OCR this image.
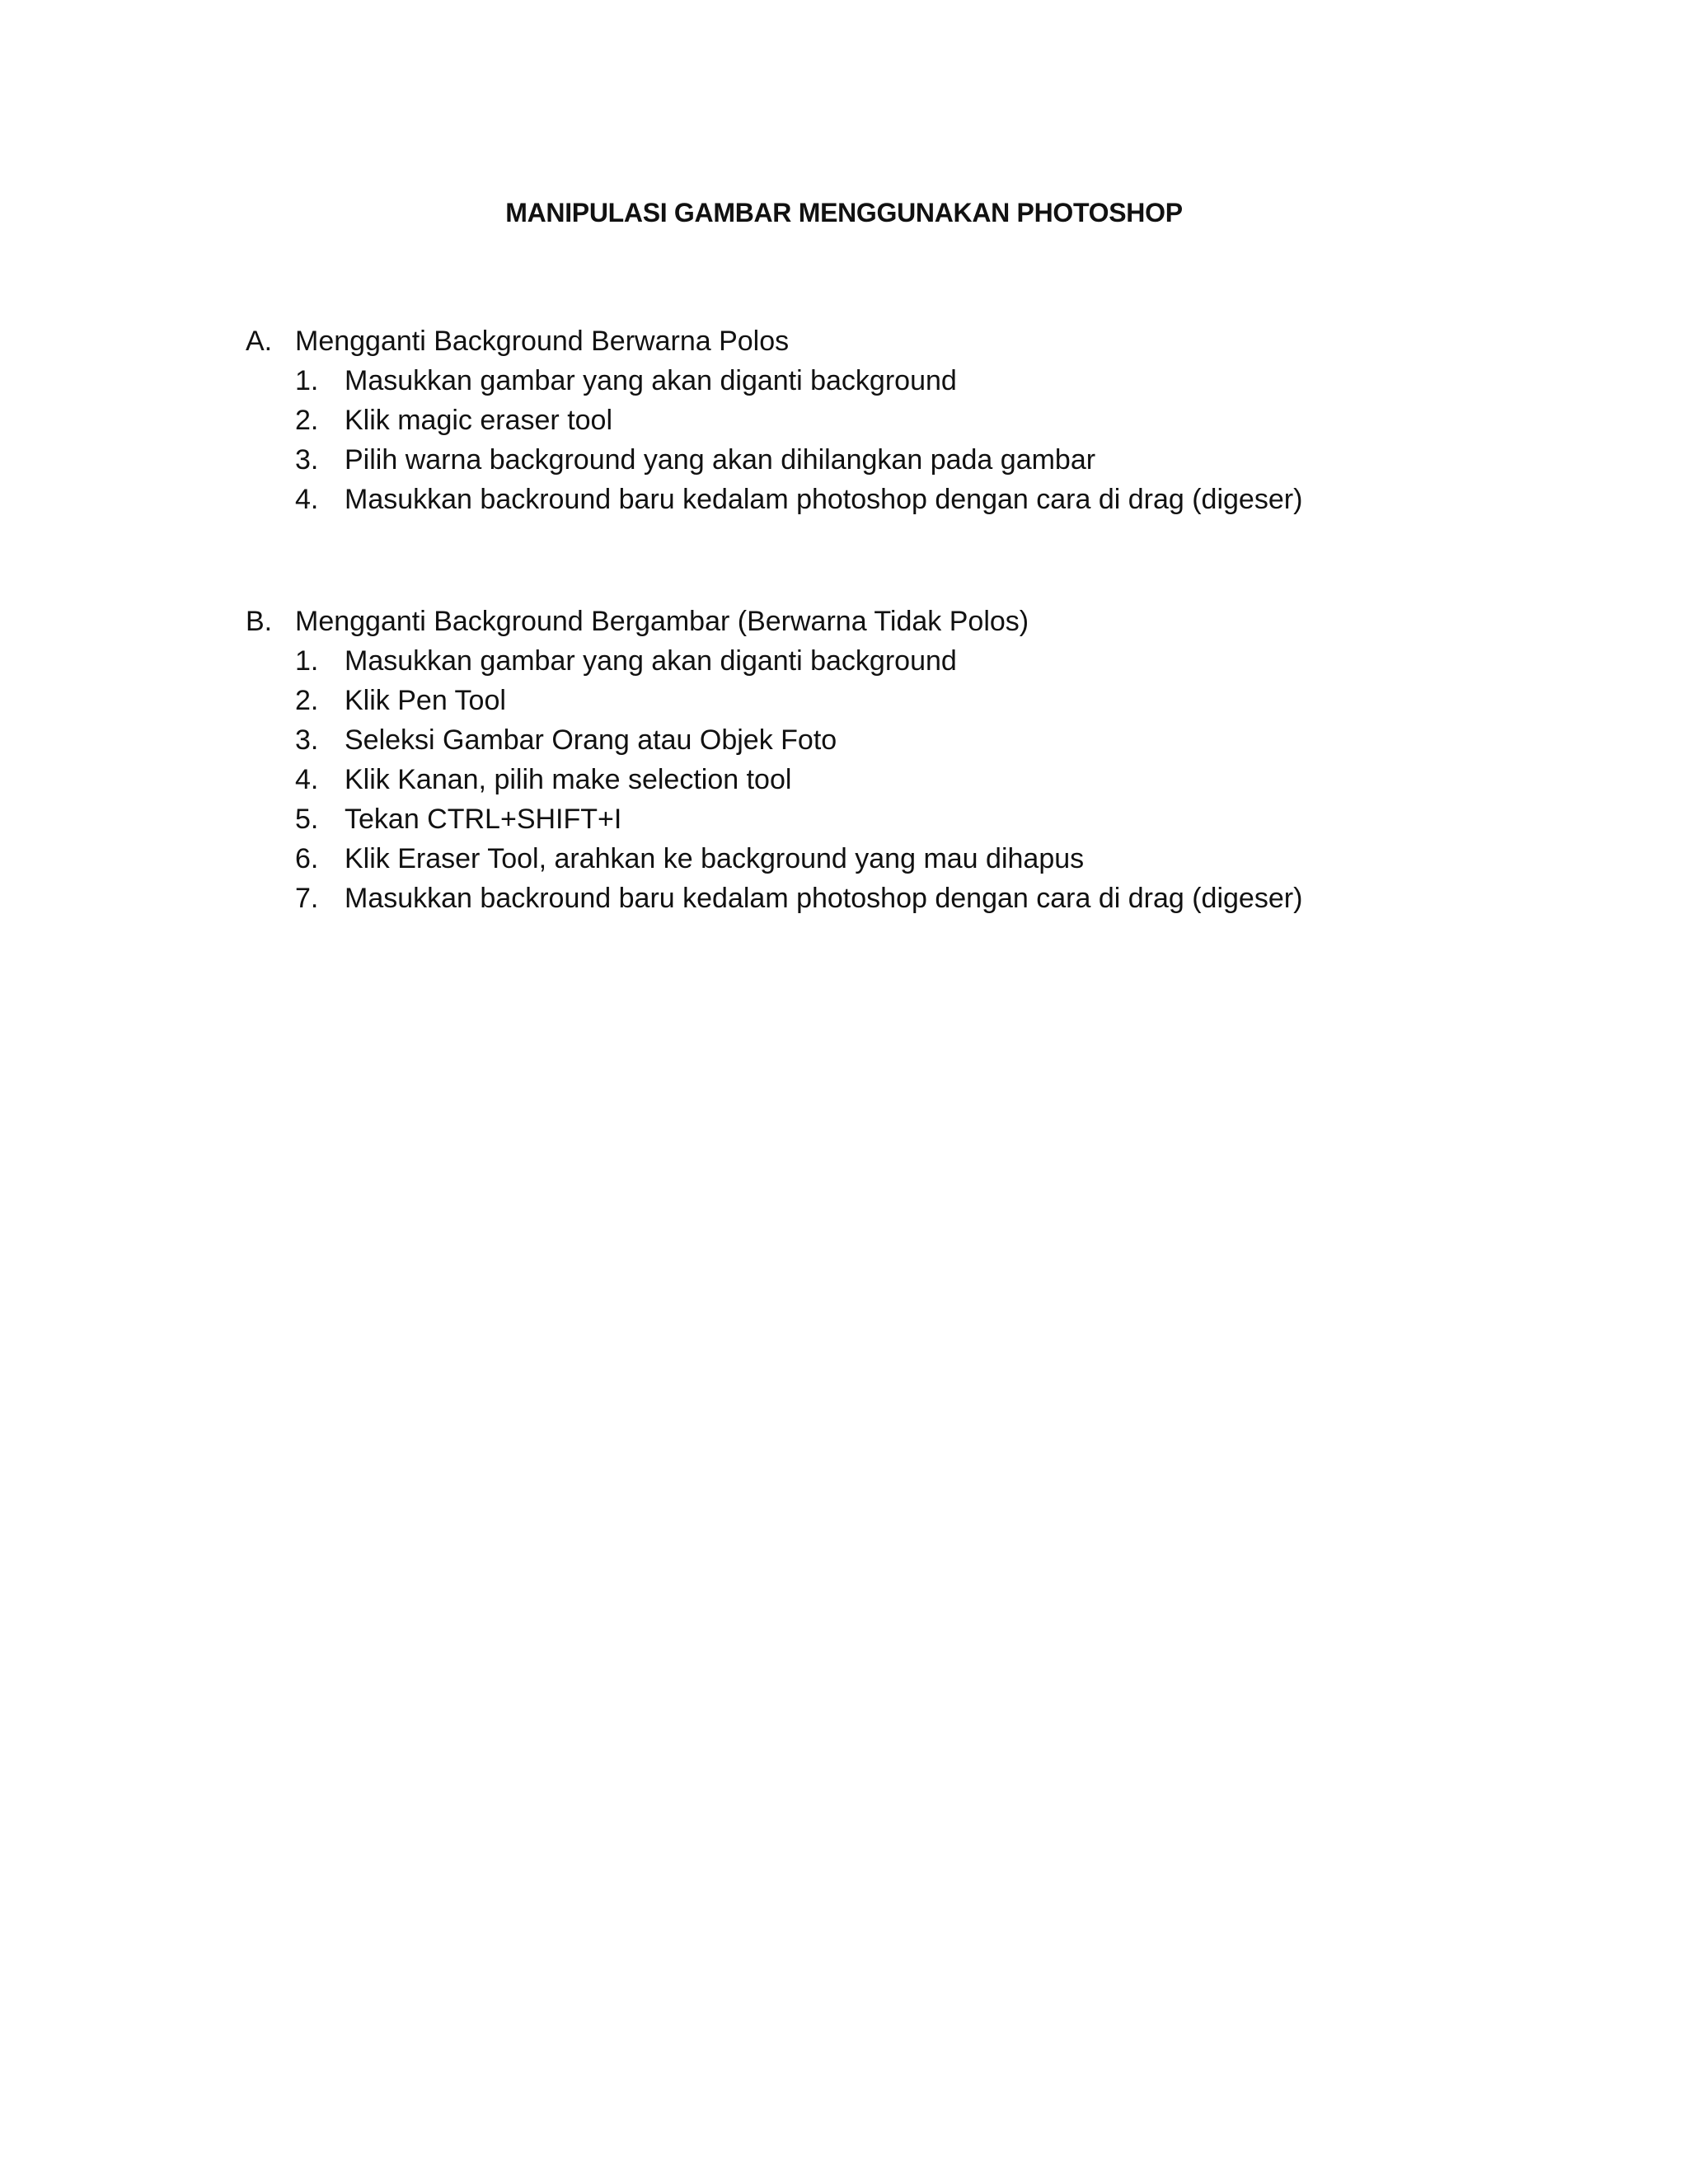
MANIPULASI GAMBAR MENGGUNAKAN PHOTOSHOP
A. Mengganti Background Berwarna Polos
1. Masukkan gambar yang akan diganti background
2. Klik magic eraser tool
3. Pilih warna background yang akan dihilangkan pada gambar
4. Masukkan backround baru kedalam photoshop dengan cara di drag (digeser)
B. Mengganti Background Bergambar (Berwarna Tidak Polos)
1. Masukkan gambar yang akan diganti background
2. Klik Pen Tool
3. Seleksi Gambar Orang atau Objek Foto
4. Klik Kanan, pilih make selection tool
5. Tekan CTRL+SHIFT+I
6. Klik Eraser Tool, arahkan ke background yang mau dihapus
7. Masukkan backround baru kedalam photoshop dengan cara di drag (digeser)
